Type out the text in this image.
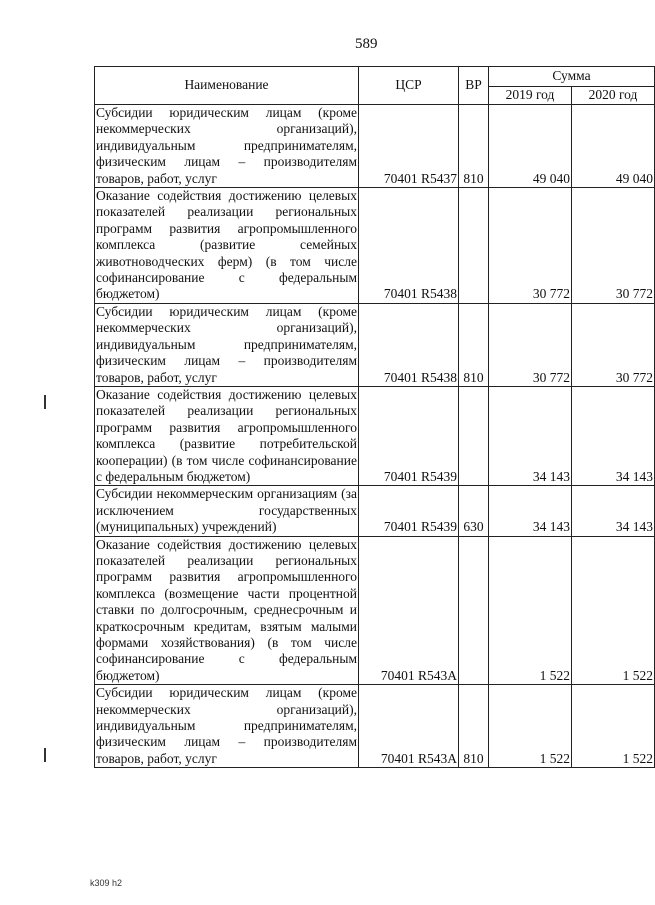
589
Наименование	ЦСР	ВР	Сумма	
			2019 год	2020 год
Субсидии юридическим лицам (кроме некоммерческих организаций), индивидуальным предпринимателям, физическим лицам – производителям товаров, работ, услуг	70401 R5437	810	49 040	49 040
Оказание содействия достижению целевых показателей реализации региональных программ развития агропромышленного комплекса (развитие семейных животноводческих ферм) (в том числе софинансирование с федеральным бюджетом)	70401 R5438		30 772	30 772
Субсидии юридическим лицам (кроме некоммерческих организаций), индивидуальным предпринимателям, физическим лицам – производителям товаров, работ, услуг	70401 R5438	810	30 772	30 772
Оказание содействия достижению целевых показателей реализации региональных программ развития агропромышленного комплекса (развитие потребительской кооперации) (в том числе софинансирование с федеральным бюджетом)	70401 R5439		34 143	34 143
Субсидии некоммерческим организациям (за исключением государственных (муниципальных) учреждений)	70401 R5439	630	34 143	34 143
Оказание содействия достижению целевых показателей реализации региональных программ развития агропромышленного комплекса (возмещение части процентной ставки по долгосрочным, среднесрочным и краткосрочным кредитам, взятым малыми формами хозяйствования) (в том числе софинансирование с федеральным бюджетом)	70401 R543A		1 522	1 522
Субсидии юридическим лицам (кроме некоммерческих организаций), индивидуальным предпринимателям, физическим лицам – производителям товаров, работ, услуг	70401 R543A	810	1 522	1 522
k309 h2
